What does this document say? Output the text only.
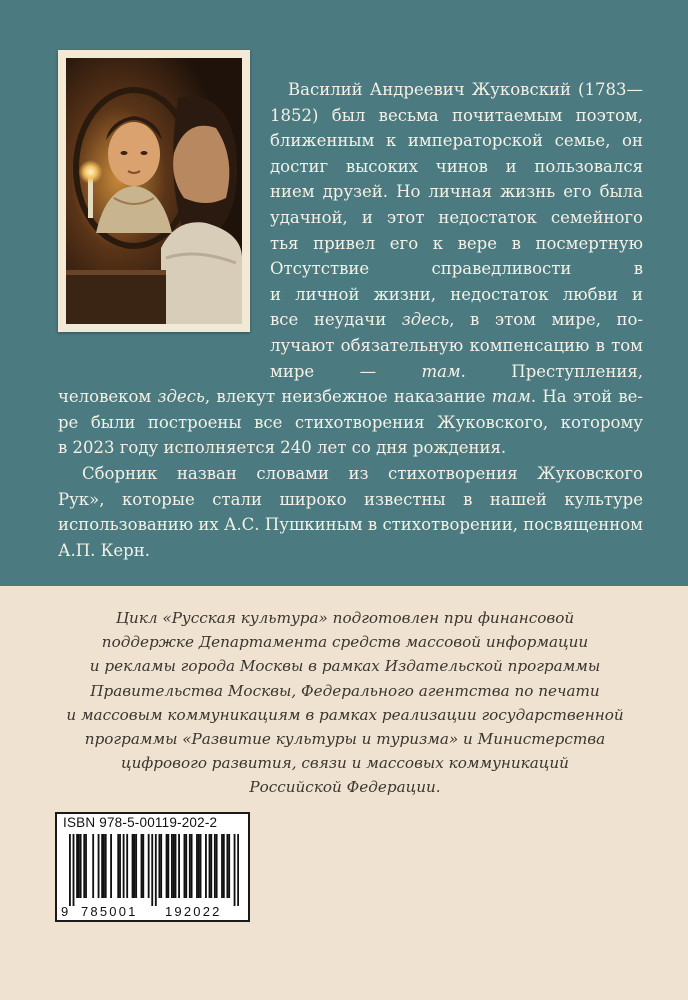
Василий Андреевич Жуковский (1783—
1852) был весьма почитаемым поэтом,
ближенным к императорской семье, он
достиг высоких чинов и пользовался
нием друзей. Но личная жизнь его была
удачной, и этот недостаток семейного
тья привел его к вере в посмертную
Отсутствие справедливости в
и личной жизни, недостаток любви и
все неудачи здесь, в этом мире, по-
лучают обязательную компенсацию в том
мире — там. Преступления,
человеком здесь, влекут неизбежное наказание там. На этой ве-
ре были построены все стихотворения Жуковского, которому
в 2023 году исполняется 240 лет со дня рождения.
Сборник назван словами из стихотворения Жуковского
Рук», которые стали широко известны в нашей культуре
использованию их А.С. Пушкиным в стихотворении, посвященном
А.П. Керн.
Цикл «Русская культура» подготовлен при финансовой
поддержке Департамента средств массовой информации
и рекламы города Москвы в рамках Издательской программы
Правительства Москвы, Федерального агентства по печати
и массовым коммуникациям в рамках реализации государственной
программы «Развитие культуры и туризма» и Министерства
цифрового развития, связи и массовых коммуникаций
Российской Федерации.
ISBN 978-5-00119-202-2
9 785001 192022
